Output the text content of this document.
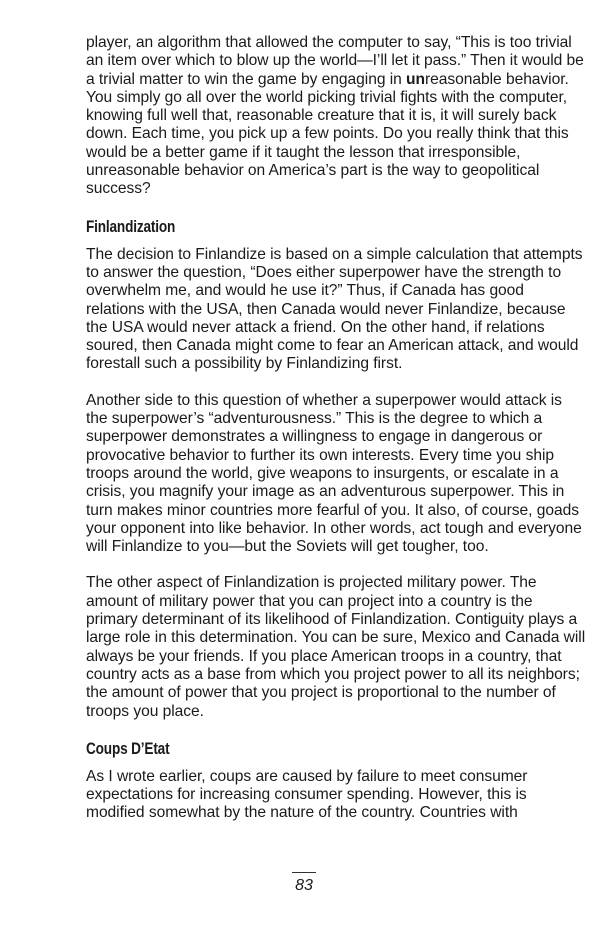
player, an algorithm that allowed the computer to say, “This is too trivial an item over which to blow up the world—I’ll let it pass.” Then it would be a trivial matter to win the game by engaging in unreasonable behavior. You simply go all over the world picking trivial fights with the computer, knowing full well that, reasonable creature that it is, it will surely back down. Each time, you pick up a few points. Do you really think that this would be a better game if it taught the lesson that irresponsible, unreasonable behavior on America’s part is the way to geopolitical success?

Finlandization

The decision to Finlandize is based on a simple calculation that attempts to answer the question, “Does either superpower have the strength to overwhelm me, and would he use it?” Thus, if Canada has good relations with the USA, then Canada would never Finlandize, because the USA would never attack a friend. On the other hand, if relations soured, then Canada might come to fear an American attack, and would forestall such a possibility by Finlandizing first.

Another side to this question of whether a superpower would attack is the superpower’s “adventurousness.” This is the degree to which a superpower demonstrates a willingness to engage in dangerous or provocative behavior to further its own interests. Every time you ship troops around the world, give weapons to insurgents, or escalate in a crisis, you magnify your image as an adventurous superpower. This in turn makes minor countries more fearful of you. It also, of course, goads your opponent into like behavior. In other words, act tough and everyone will Finlandize to you—but the Soviets will get tougher, too.

The other aspect of Finlandization is projected military power. The amount of military power that you can project into a country is the primary determinant of its likelihood of Finlandization. Contiguity plays a large role in this determination. You can be sure, Mexico and Canada will always be your friends. If you place American troops in a country, that country acts as a base from which you project power to all its neighbors; the amount of power that you project is proportional to the number of troops you place.

Coups D’Etat

As I wrote earlier, coups are caused by failure to meet consumer expectations for increasing consumer spending. However, this is modified somewhat by the nature of the country. Countries with

83
